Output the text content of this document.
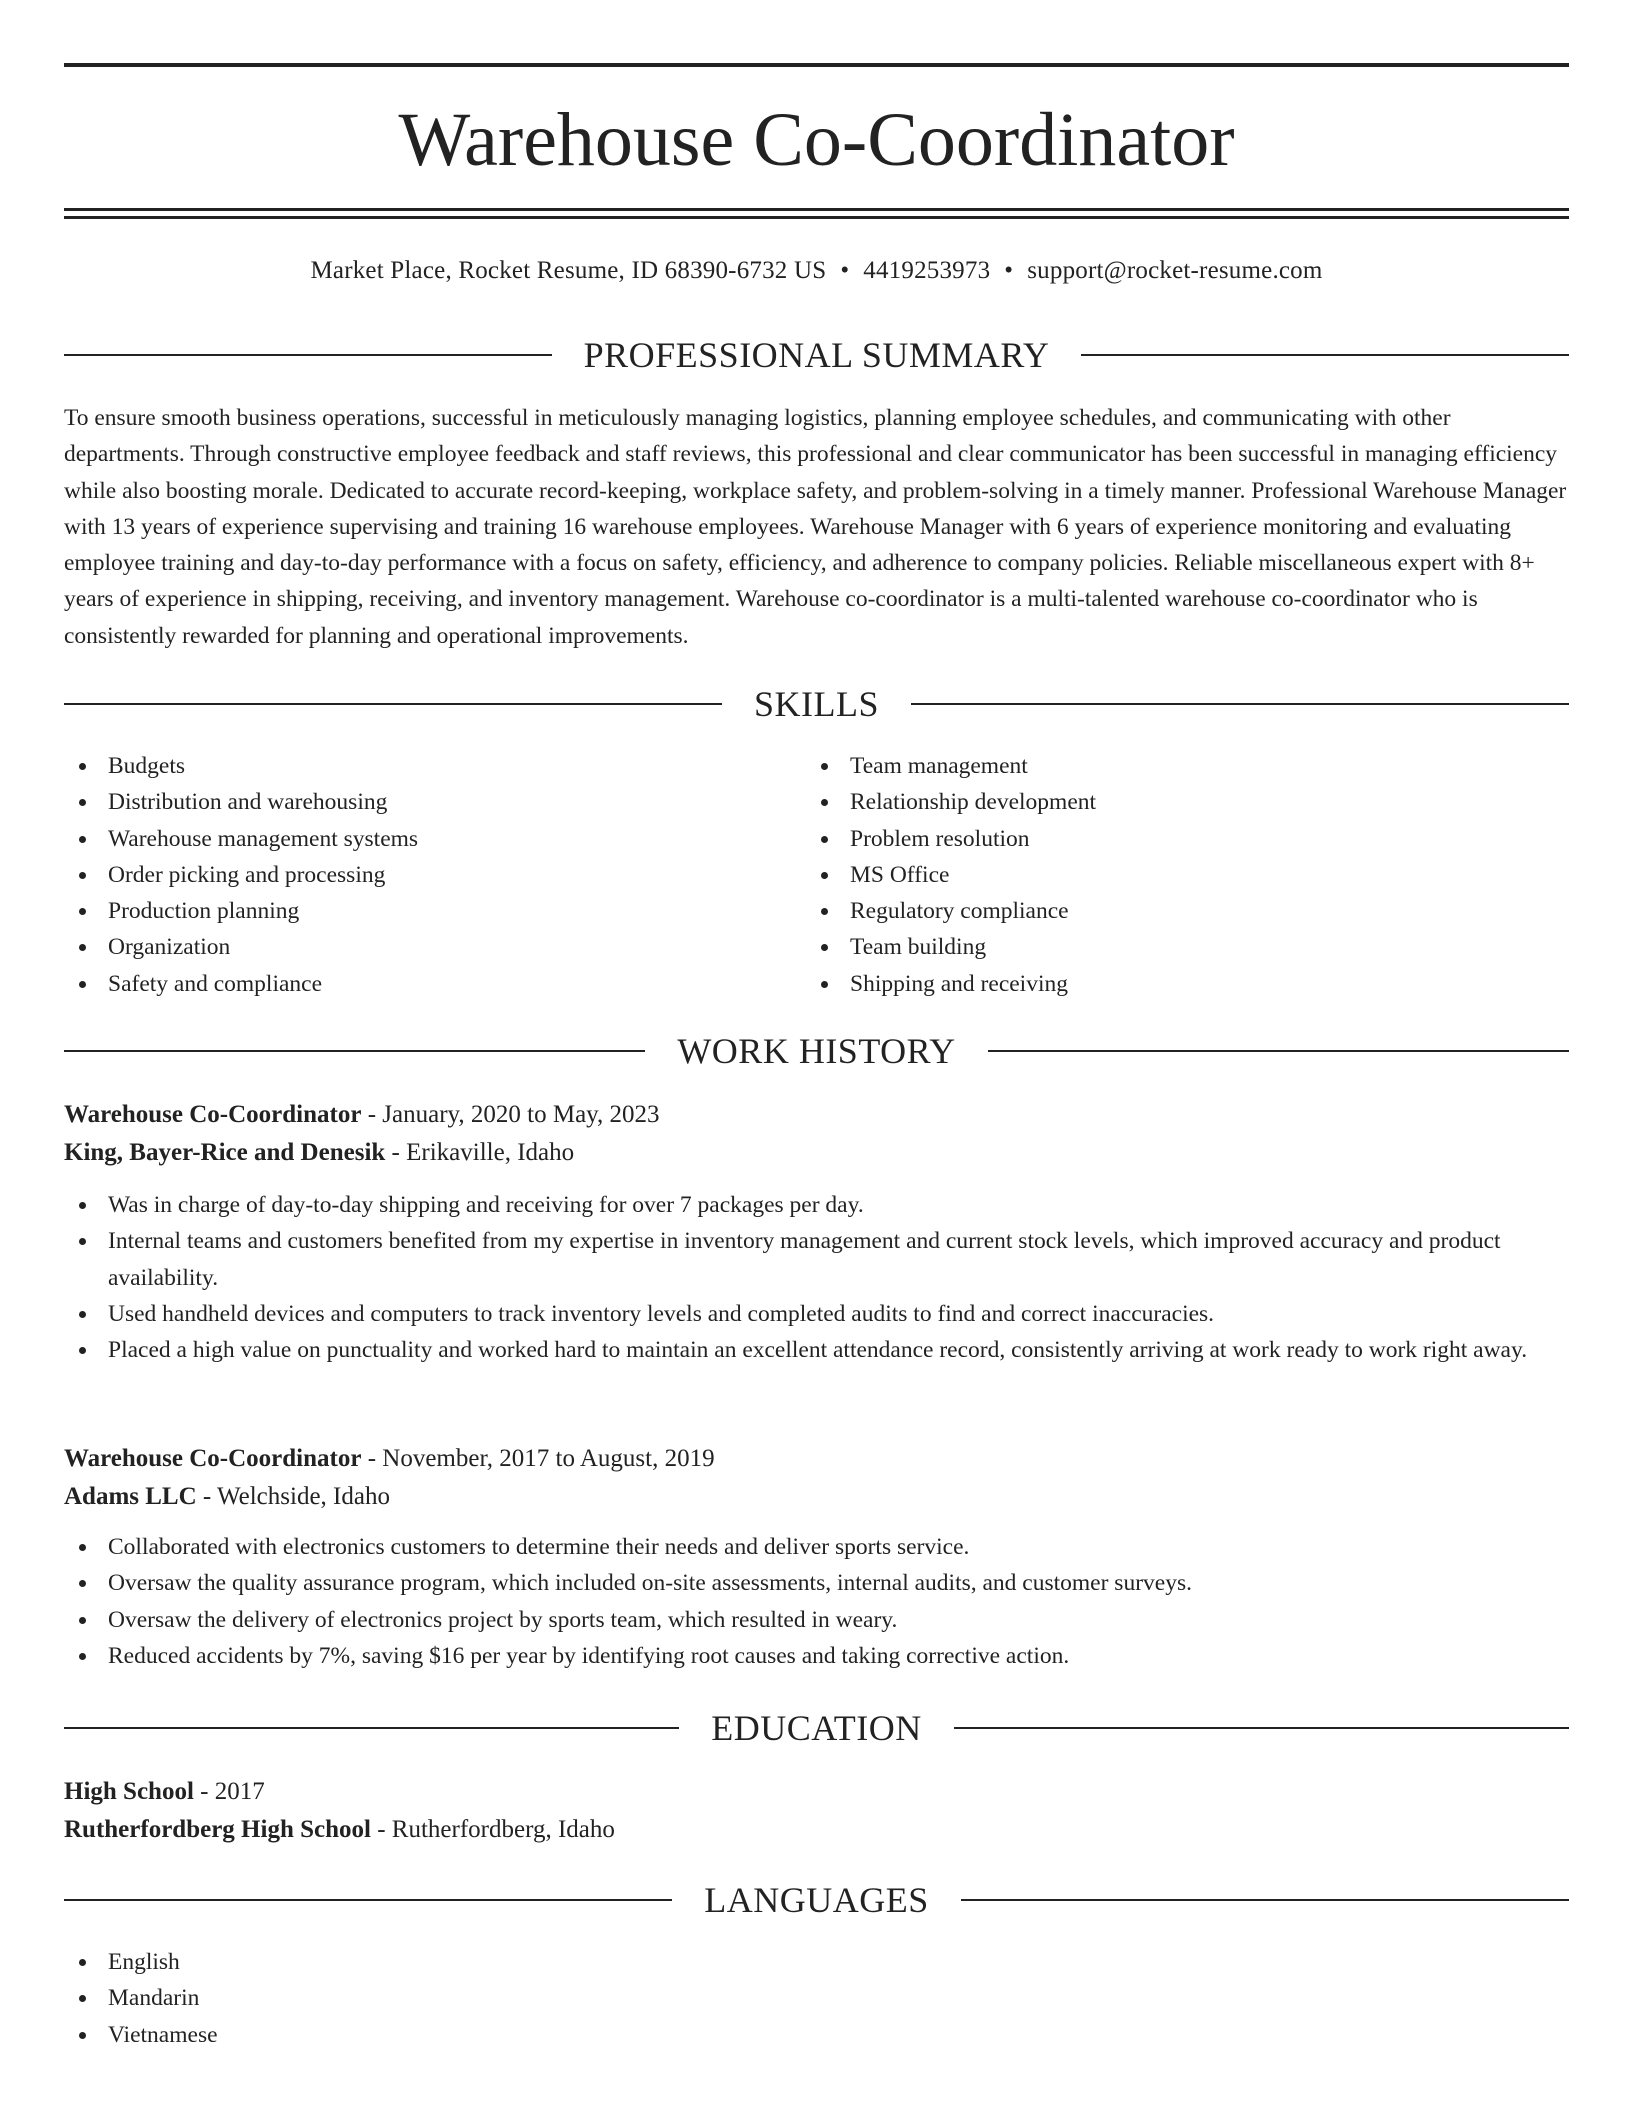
Warehouse Co-Coordinator
Market Place, Rocket Resume, ID 68390-6732 US • 4419253973 • support@rocket-resume.com
PROFESSIONAL SUMMARY

To ensure smooth business operations, successful in meticulously managing logistics, planning employee schedules, and communicating with other departments. Through constructive employee feedback and staff reviews, this professional and clear communicator has been successful in managing efficiency while also boosting morale. Dedicated to accurate record-keeping, workplace safety, and problem-solving in a timely manner. Professional Warehouse Manager with 13 years of experience supervising and training 16 warehouse employees. Warehouse Manager with 6 years of experience monitoring and evaluating employee training and day-to-day performance with a focus on safety, efficiency, and adherence to company policies. Reliable miscellaneous expert with 8+ years of experience in shipping, receiving, and inventory management. Warehouse co-coordinator is a multi-talented warehouse co-coordinator who is consistently rewarded for planning and operational improvements.

SKILLS
Budgets
Distribution and warehousing
Warehouse management systems
Order picking and processing
Production planning
Organization
Safety and compliance
Team management
Relationship development
Problem resolution
MS Office
Regulatory compliance
Team building
Shipping and receiving
WORK HISTORY
Warehouse Co-Coordinator - January, 2020 to May, 2023
King, Bayer-Rice and Denesik - Erikaville, Idaho
Was in charge of day-to-day shipping and receiving for over 7 packages per day.
Internal teams and customers benefited from my expertise in inventory management and current stock levels, which improved accuracy and product availability.
Used handheld devices and computers to track inventory levels and completed audits to find and correct inaccuracies.
Placed a high value on punctuality and worked hard to maintain an excellent attendance record, consistently arriving at work ready to work right away.
Warehouse Co-Coordinator - November, 2017 to August, 2019
Adams LLC - Welchside, Idaho
Collaborated with electronics customers to determine their needs and deliver sports service.
Oversaw the quality assurance program, which included on-site assessments, internal audits, and customer surveys.
Oversaw the delivery of electronics project by sports team, which resulted in weary.
Reduced accidents by 7%, saving $16 per year by identifying root causes and taking corrective action.
EDUCATION
High School - 2017
Rutherfordberg High School - Rutherfordberg, Idaho
LANGUAGES
English
Mandarin
Vietnamese
